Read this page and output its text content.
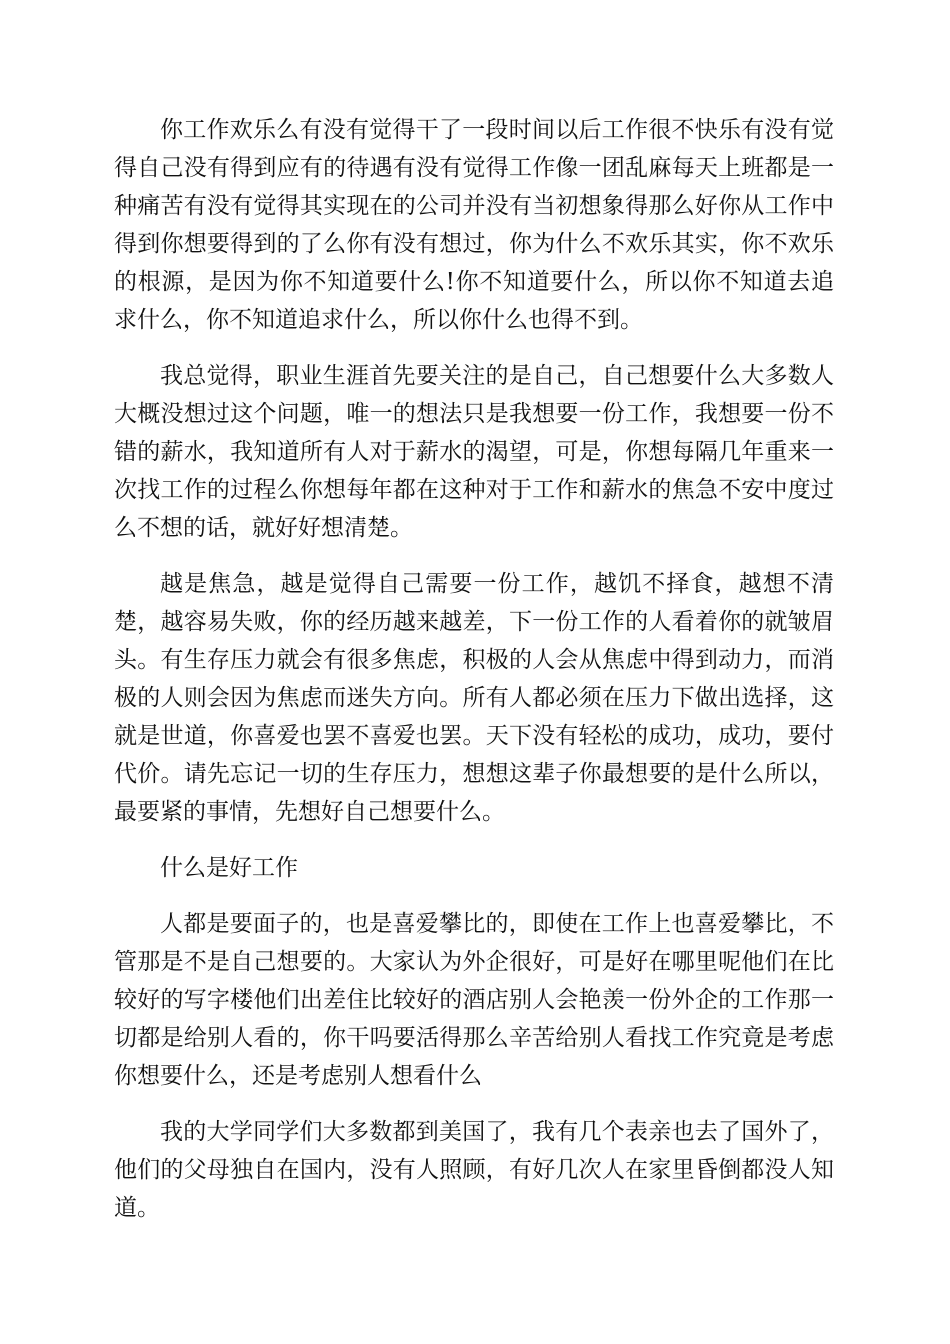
你工作欢乐么有没有觉得干了一段时间以后工作很不快乐有没有觉得自己没有得到应有的待遇有没有觉得工作像一团乱麻每天上班都是一种痛苦有没有觉得其实现在的公司并没有当初想象得那么好你从工作中得到你想要得到的了么你有没有想过，你为什么不欢乐其实，你不欢乐的根源，是因为你不知道要什么!你不知道要什么，所以你不知道去追求什么，你不知道追求什么，所以你什么也得不到。

我总觉得，职业生涯首先要关注的是自己，自己想要什么大多数人大概没想过这个问题，唯一的想法只是我想要一份工作，我想要一份不错的薪水，我知道所有人对于薪水的渴望，可是，你想每隔几年重来一次找工作的过程么你想每年都在这种对于工作和薪水的焦急不安中度过么不想的话，就好好想清楚。

越是焦急，越是觉得自己需要一份工作，越饥不择食，越想不清楚，越容易失败，你的经历越来越差，下一份工作的人看着你的就皱眉头。有生存压力就会有很多焦虑，积极的人会从焦虑中得到动力，而消极的人则会因为焦虑而迷失方向。所有人都必须在压力下做出选择，这就是世道，你喜爱也罢不喜爱也罢。天下没有轻松的成功，成功，要付代价。请先忘记一切的生存压力，想想这辈子你最想要的是什么所以，最要紧的事情，先想好自己想要什么。

什么是好工作

人都是要面子的，也是喜爱攀比的，即使在工作上也喜爱攀比，不管那是不是自己想要的。大家认为外企很好，可是好在哪里呢他们在比较好的写字楼他们出差住比较好的酒店别人会艳羡一份外企的工作那一切都是给别人看的，你干吗要活得那么辛苦给别人看找工作究竟是考虑你想要什么，还是考虑别人想看什么

我的大学同学们大多数都到美国了，我有几个表亲也去了国外了，他们的父母独自在国内，没有人照顾，有好几次人在家里昏倒都没人知道。
